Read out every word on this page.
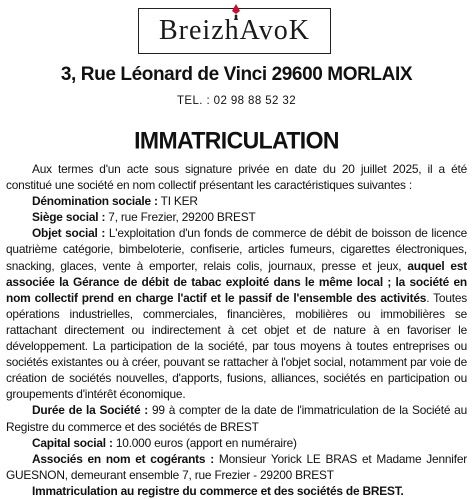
BreizhAvoK
3, Rue Léonard de Vinci 29600 MORLAIX
TEL. : 02 98 88 52 32
IMMATRICULATION

Aux termes d'un acte sous signature privée en date du 20 juillet 2025, il a été constitué une société en nom collectif présentant les caractéristiques suivantes :

Dénomination sociale : TI KER

Siège social : 7, rue Frezier, 29200 BREST

Objet social : L'exploitation d'un fonds de commerce de débit de boisson de licence quatrième catégorie, bimbeloterie, confiserie, articles fumeurs, cigarettes électroniques, snacking, glaces, vente à emporter, relais colis, journaux, presse et jeux, auquel est associée la Gérance de débit de tabac exploité dans le même local ; la société en nom collectif prend en charge l'actif et le passif de l'ensemble des activités. Toutes opérations industrielles, commerciales, financières, mobilières ou immobilières se rattachant directement ou indirectement à cet objet et de nature à en favoriser le développement. La participation de la société, par tous moyens à toutes entreprises ou sociétés existantes ou à créer, pouvant se rattacher à l'objet social, notamment par voie de création de sociétés nouvelles, d'apports, fusions, alliances, sociétés en participation ou groupements d'intérêt économique.

Durée de la Société : 99 à compter de la date de l'immatriculation de la Société au Registre du commerce et des sociétés de BREST

Capital social : 10.000 euros (apport en numéraire)

Associés en nom et cogérants : Monsieur Yorick LE BRAS et Madame Jennifer GUESNON, demeurant ensemble 7, rue Frezier - 29200 BREST

Immatriculation au registre du commerce et des sociétés de BREST.
